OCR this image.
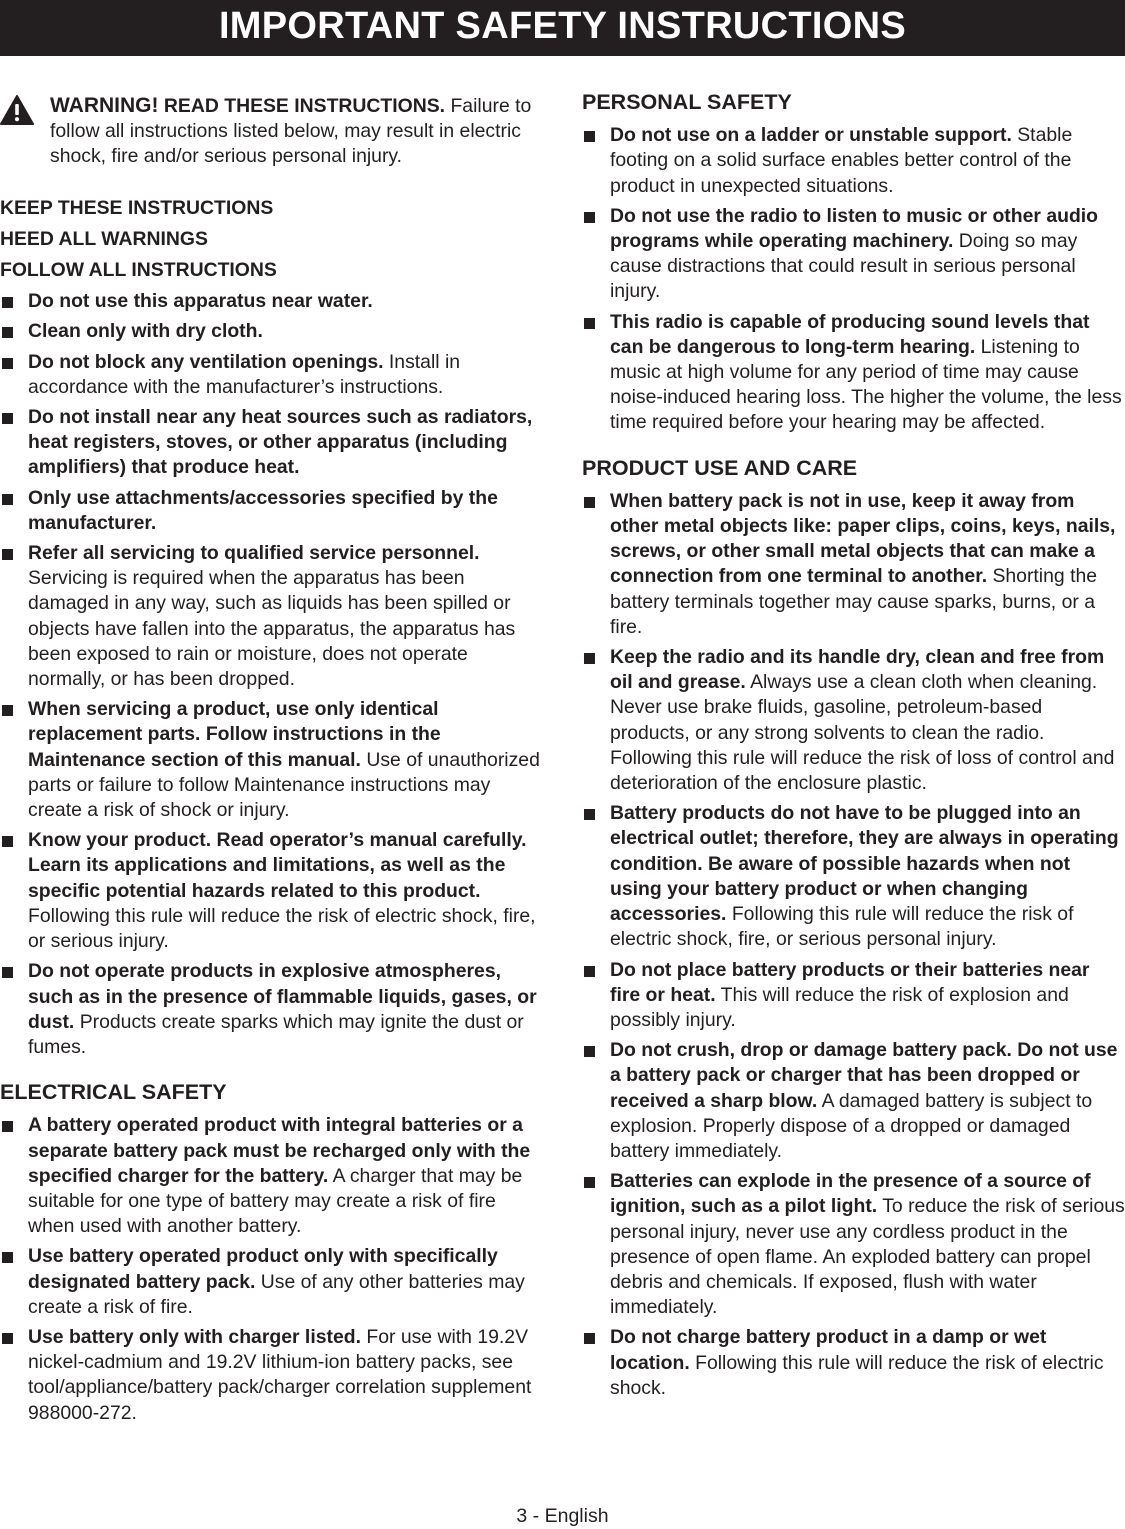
IMPORTANT SAFETY INSTRUCTIONS
WARNING! READ THESE INSTRUCTIONS. Failure to follow all instructions listed below, may result in electric shock, fire and/or serious personal injury.
KEEP THESE INSTRUCTIONS
HEED ALL WARNINGS
FOLLOW ALL INSTRUCTIONS
Do not use this apparatus near water.
Clean only with dry cloth.
Do not block any ventilation openings. Install in accordance with the manufacturer’s instructions.
Do not install near any heat sources such as radiators, heat registers, stoves, or other apparatus (including amplifiers) that produce heat.
Only use attachments/accessories specified by the manufacturer.
Refer all servicing to qualified service personnel. Servicing is required when the apparatus has been damaged in any way, such as liquids has been spilled or objects have fallen into the apparatus, the apparatus has been exposed to rain or moisture, does not operate normally, or has been dropped.
When servicing a product, use only identical replacement parts. Follow instructions in the Maintenance section of this manual. Use of unauthorized parts or failure to follow Maintenance instructions may create a risk of shock or injury.
Know your product. Read operator’s manual carefully. Learn its applications and limitations, as well as the specific potential hazards related to this product. Following this rule will reduce the risk of electric shock, fire, or serious injury.
Do not operate products in explosive atmospheres, such as in the presence of flammable liquids, gases, or dust. Products create sparks which may ignite the dust or fumes.
ELECTRICAL SAFETY
A battery operated product with integral batteries or a separate battery pack must be recharged only with the specified charger for the battery. A charger that may be suitable for one type of battery may create a risk of fire when used with another battery.
Use battery operated product only with specifically designated battery pack. Use of any other batteries may create a risk of fire.
Use battery only with charger listed. For use with 19.2V nickel-cadmium and 19.2V lithium-ion battery packs, see tool/appliance/battery pack/charger correlation supplement 988000-272.
PERSONAL SAFETY
Do not use on a ladder or unstable support. Stable footing on a solid surface enables better control of the product in unexpected situations.
Do not use the radio to listen to music or other audio programs while operating machinery. Doing so may cause distractions that could result in serious personal injury.
This radio is capable of producing sound levels that can be dangerous to long-term hearing. Listening to music at high volume for any period of time may cause noise-induced hearing loss. The higher the volume, the less time required before your hearing may be affected.
PRODUCT USE AND CARE
When battery pack is not in use, keep it away from other metal objects like: paper clips, coins, keys, nails, screws, or other small metal objects that can make a connection from one terminal to another. Shorting the battery terminals together may cause sparks, burns, or a fire.
Keep the radio and its handle dry, clean and free from oil and grease. Always use a clean cloth when cleaning. Never use brake fluids, gasoline, petroleum-based products, or any strong solvents to clean the radio. Following this rule will reduce the risk of loss of control and deterioration of the enclosure plastic.
Battery products do not have to be plugged into an electrical outlet; therefore, they are always in operating condition. Be aware of possible hazards when not using your battery product or when changing accessories. Following this rule will reduce the risk of electric shock, fire, or serious personal injury.
Do not place battery products or their batteries near fire or heat. This will reduce the risk of explosion and possibly injury.
Do not crush, drop or damage battery pack. Do not use a battery pack or charger that has been dropped or received a sharp blow. A damaged battery is subject to explosion. Properly dispose of a dropped or damaged battery immediately.
Batteries can explode in the presence of a source of ignition, such as a pilot light. To reduce the risk of serious personal injury, never use any cordless product in the presence of open flame. An exploded battery can propel debris and chemicals. If exposed, flush with water immediately.
Do not charge battery product in a damp or wet location. Following this rule will reduce the risk of electric shock.
3 - English
